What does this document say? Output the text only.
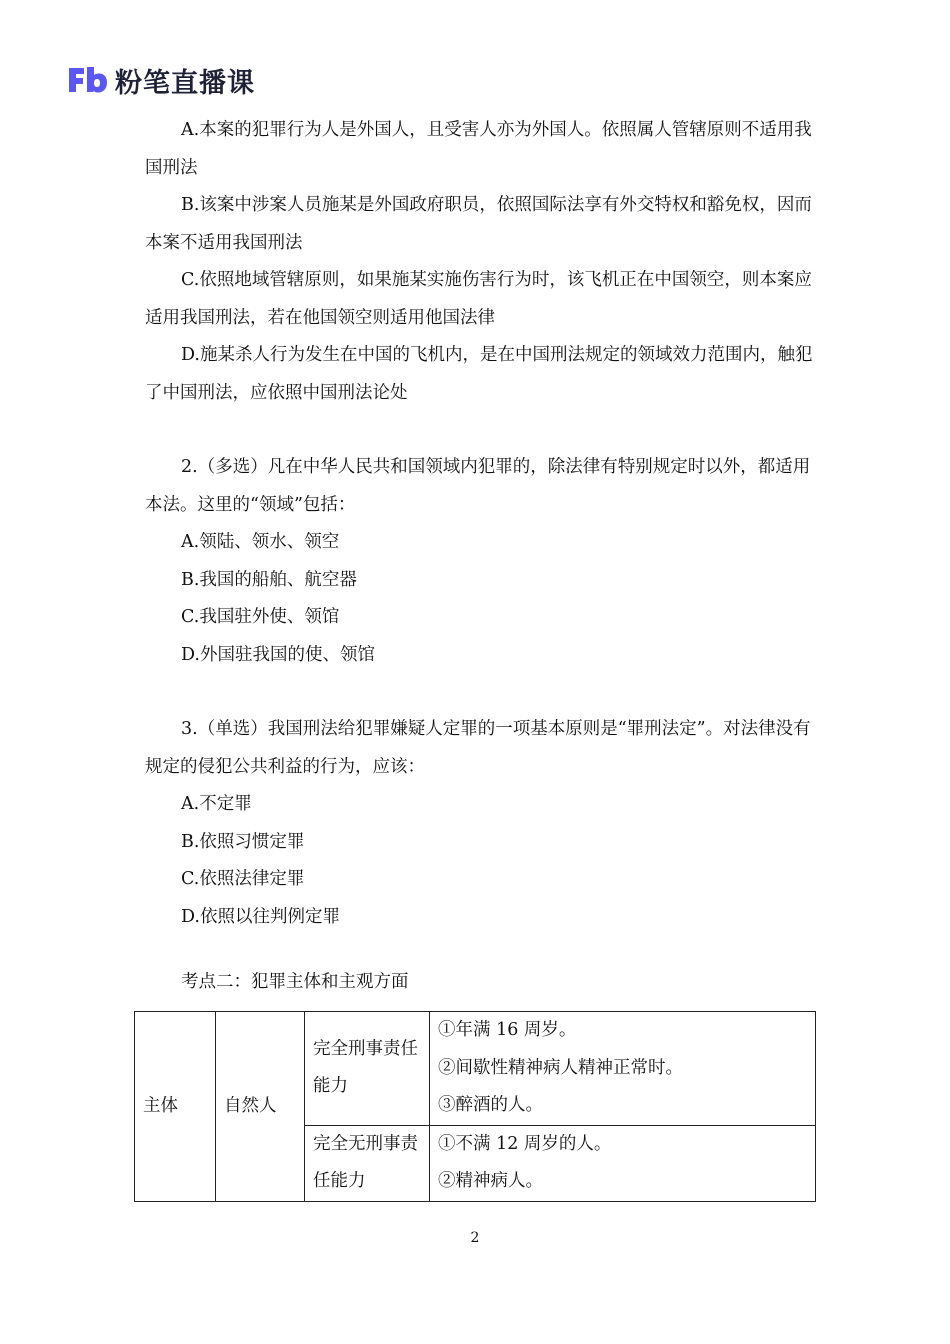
粉笔直播课

A.本案的犯罪行为人是外国人，且受害人亦为外国人。依照属人管辖原则不适用我国刑法

B.该案中涉案人员施某是外国政府职员，依照国际法享有外交特权和豁免权，因而本案不适用我国刑法

C.依照地域管辖原则，如果施某实施伤害行为时，该飞机正在中国领空，则本案应适用我国刑法，若在他国领空则适用他国法律

D.施某杀人行为发生在中国的飞机内，是在中国刑法规定的领域效力范围内，触犯了中国刑法，应依照中国刑法论处

2.（多选）凡在中华人民共和国领域内犯罪的，除法律有特别规定时以外，都适用本法。这里的“领域”包括：

A.领陆、领水、领空

B.我国的船舶、航空器

C.我国驻外使、领馆

D.外国驻我国的使、领馆

3.（单选）我国刑法给犯罪嫌疑人定罪的一项基本原则是“罪刑法定”。对法律没有规定的侵犯公共利益的行为，应该：

A.不定罪

B.依照习惯定罪

C.依照法律定罪

D.依照以往判例定罪

考点二：犯罪主体和主观方面

主体	自然人	完全刑事责任能力	①年满 16 周岁。
②间歇性精神病人精神正常时。
③醉酒的人。

		完全无刑事责任能力	①不满 12 周岁的人。
②精神病人。
2
